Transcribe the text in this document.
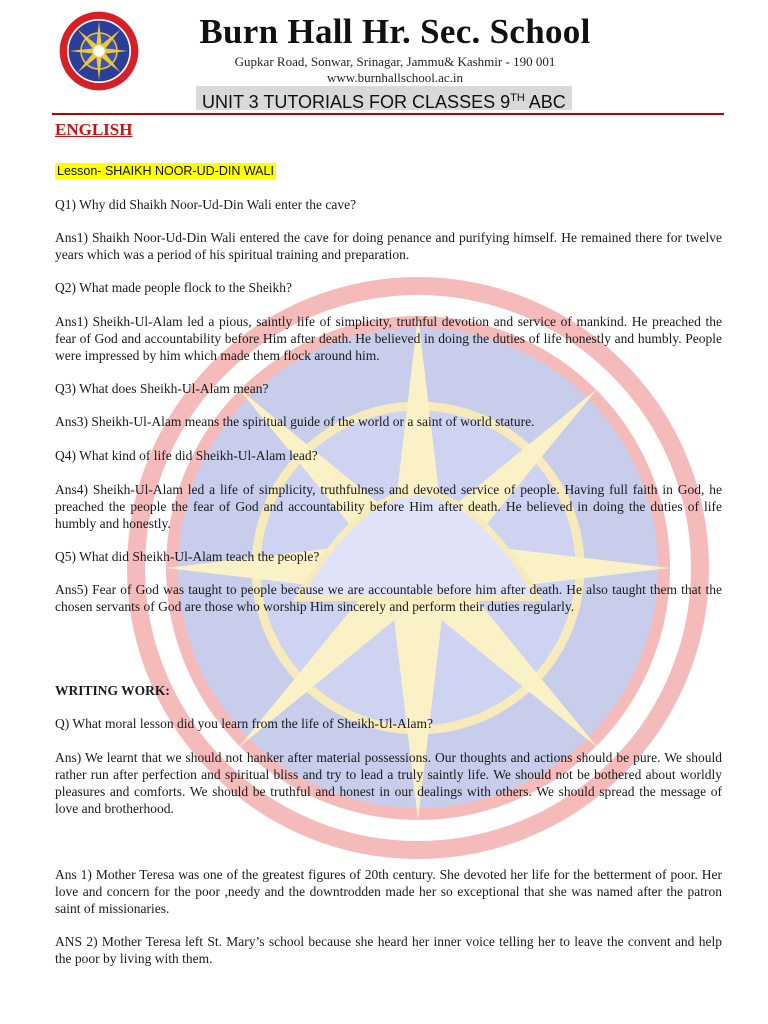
Burn Hall Hr. Sec. School
Gupkar Road, Sonwar, Srinagar, Jammu& Kashmir - 190 001
www.burnhallschool.ac.in
UNIT 3 TUTORIALS FOR CLASSES 9TH ABC
ENGLISH
Lesson- SHAIKH NOOR-UD-DIN WALI
Q1) Why did Shaikh Noor-Ud-Din Wali enter the cave?
Ans1) Shaikh Noor-Ud-Din Wali entered the cave for doing penance and purifying himself. He remained there for twelve years which was a period of his spiritual training and preparation.
Q2) What made people flock to the Sheikh?
Ans1) Sheikh-Ul-Alam led a pious, saintly life of simplicity, truthful devotion and service of mankind. He preached the fear of God and accountability before Him after death. He believed in doing the duties of life honestly and humbly. People were impressed by him which made them flock around him.
Q3) What does Sheikh-Ul-Alam mean?
Ans3) Sheikh-Ul-Alam means the spiritual guide of the world or a saint of world stature.
Q4) What kind of life did Sheikh-Ul-Alam lead?
Ans4) Sheikh-Ul-Alam led a life of simplicity, truthfulness and devoted service of people. Having full faith in God, he preached the people the fear of God and accountability before Him after death. He believed in doing the duties of life humbly and honestly.
Q5) What did Sheikh-Ul-Alam teach the people?
Ans5) Fear of God was taught to people because we are accountable before him after death. He also taught them that the chosen servants of God are those who worship Him sincerely and perform their duties regularly.
WRITING WORK:
Q) What moral lesson did you learn from the life of Sheikh-Ul-Alam?
Ans) We learnt that we should not hanker after material possessions. Our thoughts and actions should be pure. We should rather run after perfection and spiritual bliss and try to lead a truly saintly life. We should not be bothered about worldly pleasures and comforts. We should be truthful and honest in our dealings with others. We should spread the message of love and brotherhood.
Ans 1) Mother Teresa was one of the greatest figures of 20th century. She devoted her life for the betterment of poor. Her love and concern for the poor ,needy and the downtrodden made her so exceptional that she was named after the patron saint of missionaries.
ANS 2) Mother Teresa left St. Mary’s school because she heard her inner voice telling her to leave the convent and help the poor by living with them.
